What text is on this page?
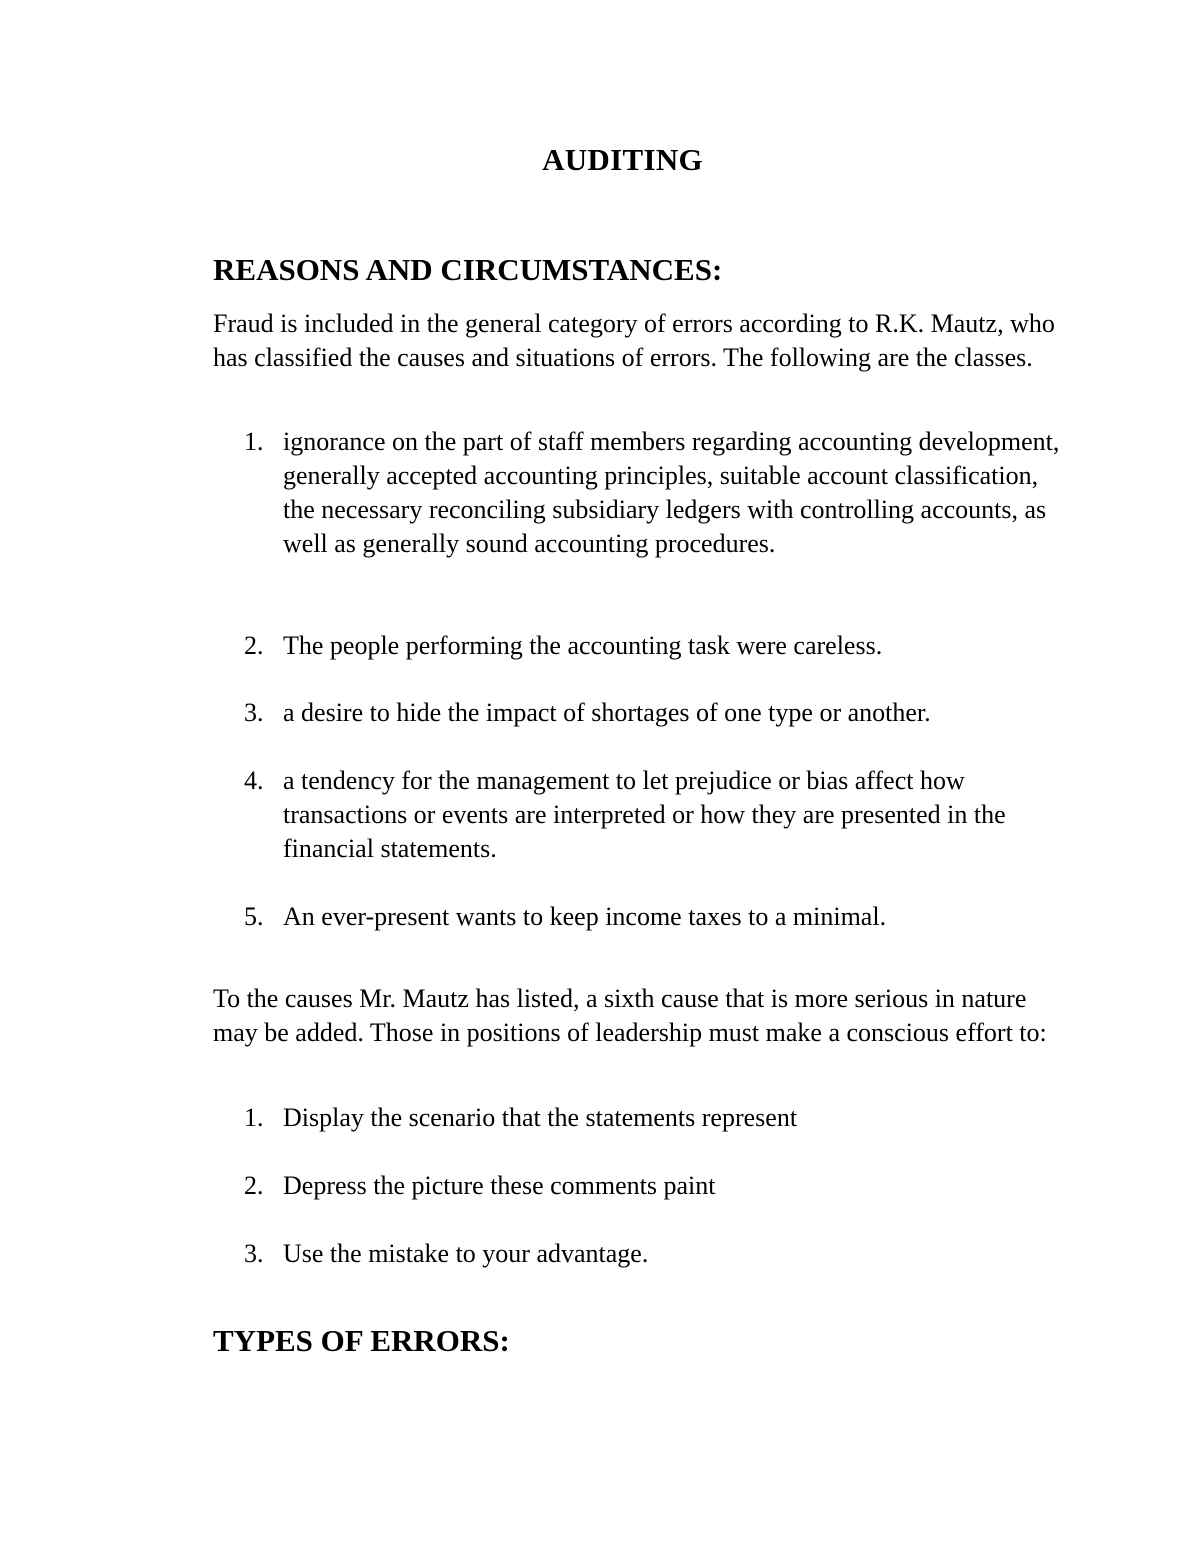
AUDITING
REASONS AND CIRCUMSTANCES:

Fraud is included in the general category of errors according to R.K. Mautz, who has classified the causes and situations of errors. The following are the classes.

1. ignorance on the part of staff members regarding accounting development, generally accepted accounting principles, suitable account classification, the necessary reconciling subsidiary ledgers with controlling accounts, as well as generally sound accounting procedures.
2. The people performing the accounting task were careless.
3. a desire to hide the impact of shortages of one type or another.
4. a tendency for the management to let prejudice or bias affect how transactions or events are interpreted or how they are presented in the financial statements.
5. An ever-present wants to keep income taxes to a minimal.

To the causes Mr. Mautz has listed, a sixth cause that is more serious in nature may be added. Those in positions of leadership must make a conscious effort to:

1. Display the scenario that the statements represent
2. Depress the picture these comments paint
3. Use the mistake to your advantage.
TYPES OF ERRORS:
